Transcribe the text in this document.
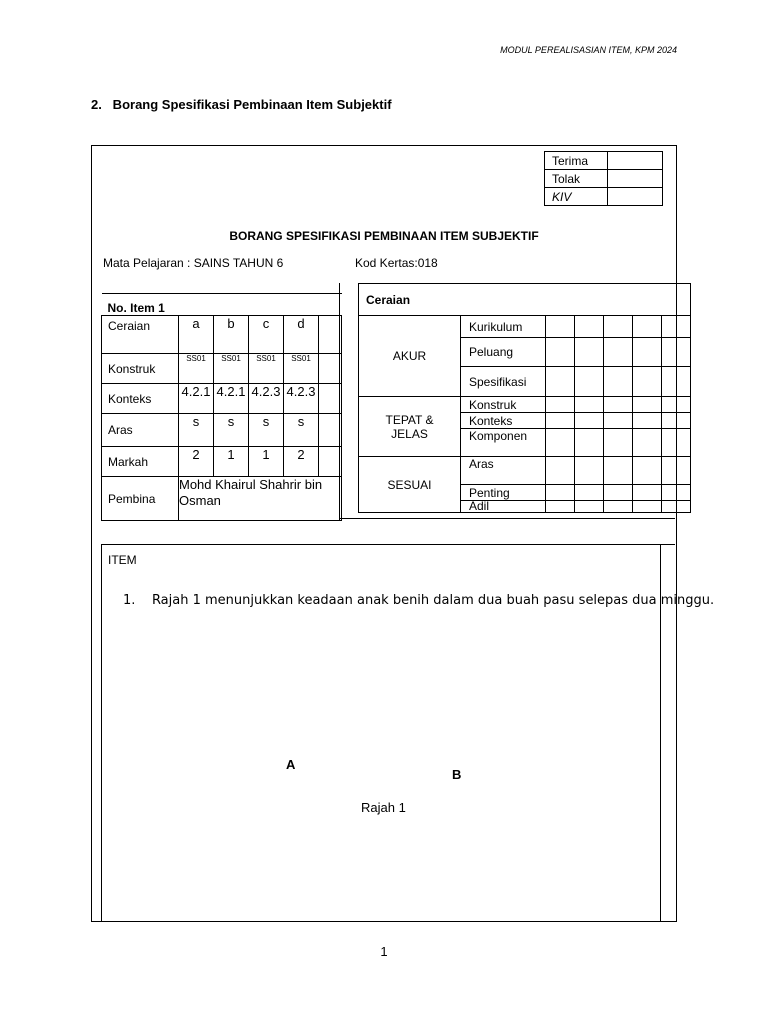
MODUL PEREALISASIAN ITEM, KPM 2024
2.   Borang Spesifikasi Pembinaan Item Subjektif
Terima	
Tolak	
KIV	
BORANG SPESIFIKASI PEMBINAAN ITEM SUBJEKTIF
Mata Pelajaran : SAINS TAHUN 6	Kod Kertas:018
No. Item 1					
Ceraian	a	b	c	d	
Konstruk	SS01	SS01	SS01	SS01	
Konteks	4.2.1	4.2.1	4.2.3	4.2.3	
Aras	s	s	s	s	
Markah	2	1	1	2	
Pembina	Mohd Khairul Shahrir bin Osman				
Ceraian						
AKUR	Kurikulum					
	Peluang					
	Spesifikasi					
TEPAT & JELAS	Konstruk					
	Konteks					
	Komponen					
SESUAI	Aras					
	Penting					
	Adil					
ITEM
1. Rajah 1 menunjukkan keadaan anak benih dalam dua buah pasu selepas dua minggu.
A
B
Rajah 1
1
